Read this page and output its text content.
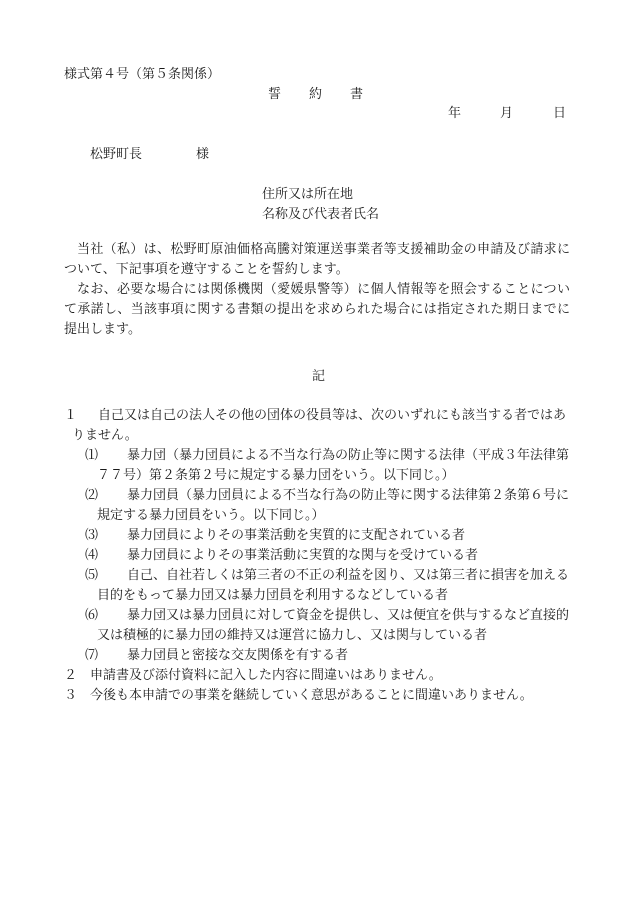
様式第４号（第５条関係）
誓 約 書
年	月	日
松野町長	様
住所又は所在地
名称及び代表者氏名
当社（私）は、松野町原油価格高騰対策運送事業者等支援補助金の申請及び請求について、下記事項を遵守することを誓約します。
なお、必要な場合には関係機関（愛媛県警等）に個人情報等を照会することについて承諾し、当該事項に関する書類の提出を求められた場合には指定された期日までに提出します。
記
１	自己又は自己の法人その他の団体の役員等は、次のいずれにも該当する者ではありません。
⑴	暴力団（暴力団員による不当な行為の防止等に関する法律（平成３年法律第７７号）第２条第２号に規定する暴力団をいう。以下同じ。）
⑵	暴力団員（暴力団員による不当な行為の防止等に関する法律第２条第６号に規定する暴力団員をいう。以下同じ。）
⑶	暴力団員によりその事業活動を実質的に支配されている者
⑷	暴力団員によりその事業活動に実質的な関与を受けている者
⑸	自己、自社若しくは第三者の不正の利益を図り、又は第三者に損害を加える目的をもって暴力団又は暴力団員を利用するなどしている者
⑹	暴力団又は暴力団員に対して資金を提供し、又は便宜を供与するなど直接的又は積極的に暴力団の維持又は運営に協力し、又は関与している者
⑺	暴力団員と密接な交友関係を有する者
２ 申請書及び添付資料に記入した内容に間違いはありません。
３ 今後も本申請での事業を継続していく意思があることに間違いありません。
